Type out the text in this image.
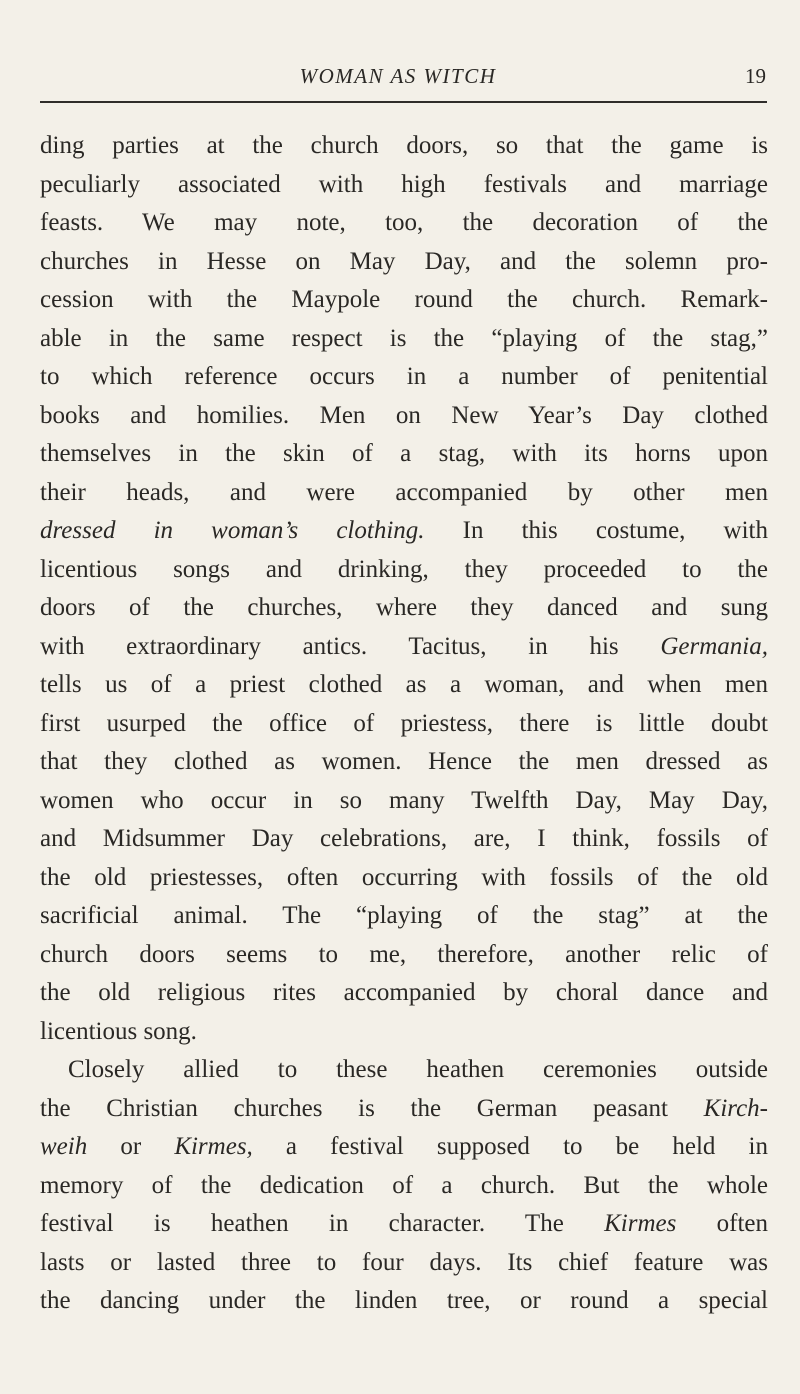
WOMAN AS WITCH	19
ding parties at the church doors, so that the game is
peculiarly associated with high festivals and marriage
feasts. We may note, too, the decoration of the
churches in Hesse on May Day, and the solemn pro-
cession with the Maypole round the church. Remark-
able in the same respect is the “playing of the stag,”
to which reference occurs in a number of penitential
books and homilies. Men on New Year’s Day clothed
themselves in the skin of a stag, with its horns upon
their heads, and were accompanied by other men
dressed in woman’s clothing. In this costume, with
licentious songs and drinking, they proceeded to the
doors of the churches, where they danced and sung
with extraordinary antics. Tacitus, in his Germania,
tells us of a priest clothed as a woman, and when men
first usurped the office of priestess, there is little doubt
that they clothed as women. Hence the men dressed as
women who occur in so many Twelfth Day, May Day,
and Midsummer Day celebrations, are, I think, fossils of
the old priestesses, often occurring with fossils of the old
sacrificial animal. The “playing of the stag” at the
church doors seems to me, therefore, another relic of
the old religious rites accompanied by choral dance and
licentious song.
Closely allied to these heathen ceremonies outside
the Christian churches is the German peasant Kirch-
weih or Kirmes, a festival supposed to be held in
memory of the dedication of a church. But the whole
festival is heathen in character. The Kirmes often
lasts or lasted three to four days. Its chief feature was
the dancing under the linden tree, or round a special
